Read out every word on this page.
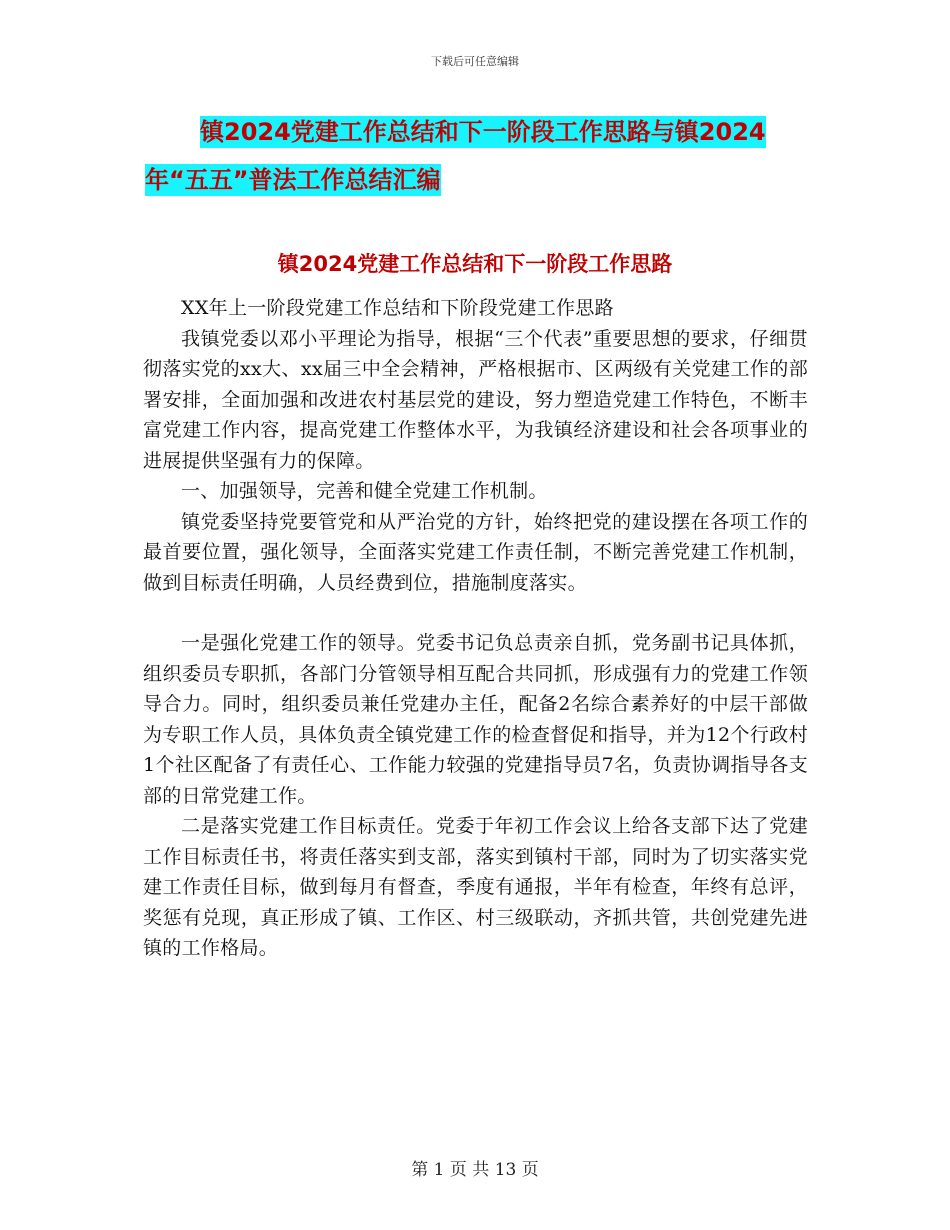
下载后可任意编辑
镇2024党建工作总结和下一阶段工作思路与镇2024
年“五五”普法工作总结汇编
镇2024党建工作总结和下一阶段工作思路

XX年上一阶段党建工作总结和下阶段党建工作思路

我镇党委以邓小平理论为指导，根据“三个代表”重要思想的要求，仔细贯彻落实党的xx大、xx届三中全会精神，严格根据市、区两级有关党建工作的部署安排，全面加强和改进农村基层党的建设，努力塑造党建工作特色，不断丰富党建工作内容，提高党建工作整体水平，为我镇经济建设和社会各项事业的进展提供坚强有力的保障。

一、加强领导，完善和健全党建工作机制。

镇党委坚持党要管党和从严治党的方针，始终把党的建设摆在各项工作的最首要位置，强化领导，全面落实党建工作责任制，不断完善党建工作机制，做到目标责任明确，人员经费到位，措施制度落实。

一是强化党建工作的领导。党委书记负总责亲自抓，党务副书记具体抓，组织委员专职抓，各部门分管领导相互配合共同抓，形成强有力的党建工作领导合力。同时，组织委员兼任党建办主任，配备2名综合素养好的中层干部做为专职工作人员，具体负责全镇党建工作的检查督促和指导，并为12个行政村1个社区配备了有责任心、工作能力较强的党建指导员7名，负责协调指导各支部的日常党建工作。

二是落实党建工作目标责任。党委于年初工作会议上给各支部下达了党建工作目标责任书，将责任落实到支部，落实到镇村干部，同时为了切实落实党建工作责任目标，做到每月有督查，季度有通报，半年有检查，年终有总评，奖惩有兑现，真正形成了镇、工作区、村三级联动，齐抓共管，共创党建先进镇的工作格局。

第 1 页 共 13 页
